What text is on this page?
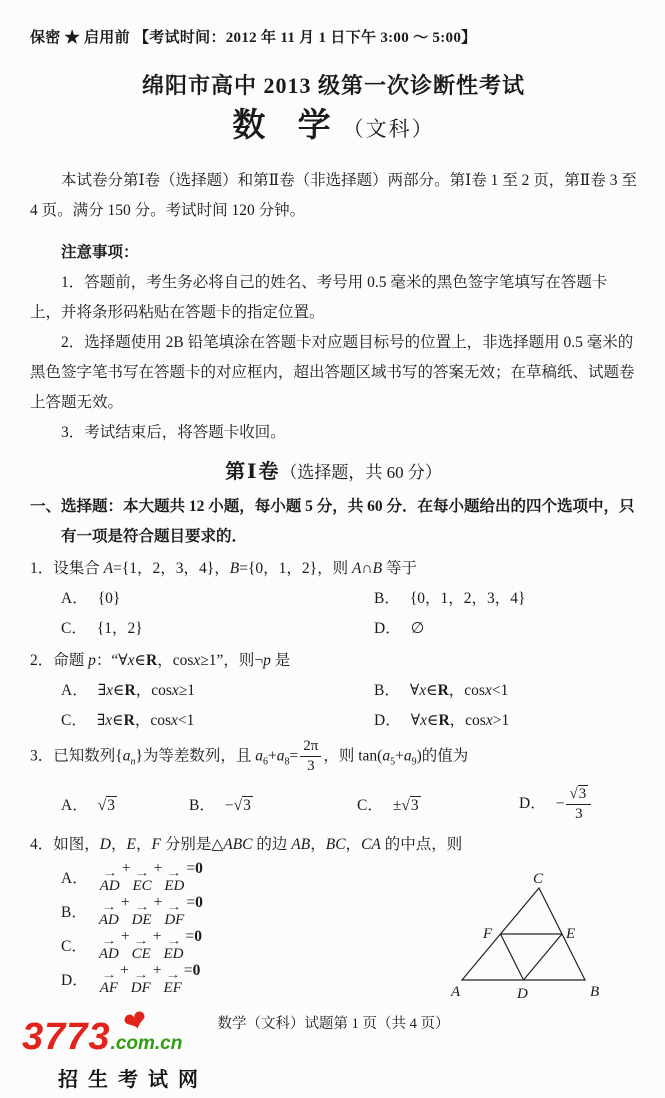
保密 ★ 启用前 【考试时间：2012 年 11 月 1 日下午 3:00 ～ 5:00】
绵阳市高中 2013 级第一次诊断性考试
数 学（文科）

本试卷分第Ⅰ卷（选择题）和第Ⅱ卷（非选择题）两部分。第Ⅰ卷 1 至 2 页，第Ⅱ卷 3 至 4 页。满分 150 分。考试时间 120 分钟。

注意事项：

1．答题前，考生务必将自己的姓名、考号用 0.5 毫米的黑色签字笔填写在答题卡上，并将条形码粘贴在答题卡的指定位置。

2．选择题使用 2B 铅笔填涂在答题卡对应题目标号的位置上，非选择题用 0.5 毫米的黑色签字笔书写在答题卡的对应框内，超出答题区域书写的答案无效；在草稿纸、试题卷上答题无效。

3．考试结束后，将答题卡收回。

第Ⅰ卷（选择题，共 60 分）

一、选择题：本大题共 12 小题，每小题 5 分，共 60 分．在每小题给出的四个选项中，只有一项是符合题目要求的．

1．设集合 A={1，2，3，4}，B={0，1，2}，则 A∩B 等于

A． {0}	B． {0，1，2，3，4}
C． {1，2}	D． ∅

2．命题 p：“∀x∈R，cosx≥1”，则¬p 是

A． ∃x∈R，cosx≥1	B． ∀x∈R，cosx<1
C． ∃x∈R，cosx<1	D． ∀x∈R，cosx>1

3．已知数列$\{a_n\}$为等差数列，且 $a_6+a_8= \frac{2\pi}{3}$ ，则 $\tan(a_5+a_9)$的值为

A． √3	B． −√3	C． ±√3	D． − $\frac{√3}{3}$

4．如图，D，E，F 分别是△ABC 的边 AB，BC，CA 的中点，则

A． →
AD
+ →
EC
+ →
ED
=0
B． →
AD
+ →
DE
+ →
DF
=0
C． →
AD
+ →
CE
+ →
ED
=0
D． →
AF
+ →
DF
+ →
EF
=0
A	B
C
D
E
F
数学（文科）试题第 1 页（共 4 页）
3773.com.cn
❤
招生考试网
